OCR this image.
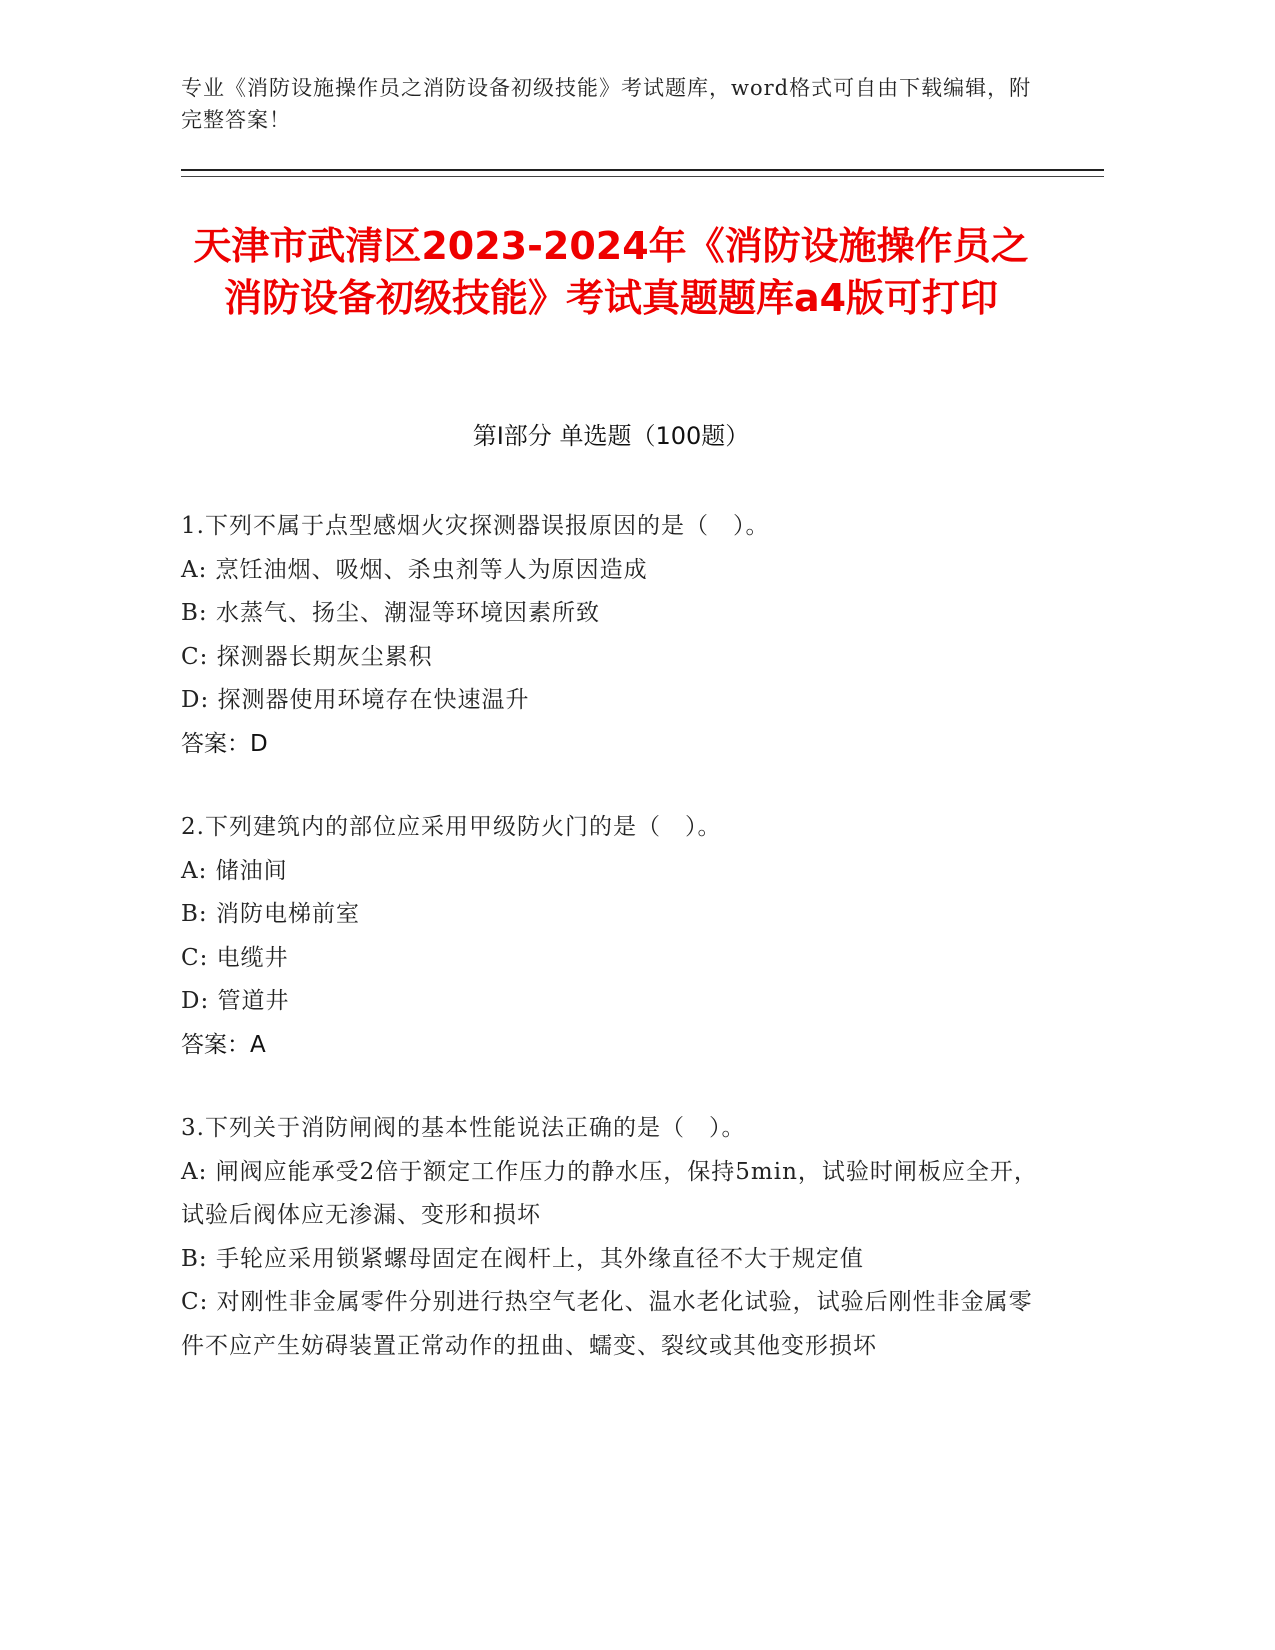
专业《消防设施操作员之消防设备初级技能》考试题库，word格式可自由下载编辑，附完整答案！
天津市武清区2023-2024年《消防设施操作员之消防设备初级技能》考试真题题库a4版可打印
第Ⅰ部分 单选题（100题）
1.下列不属于点型感烟火灾探测器误报原因的是（　）。
A: 烹饪油烟、吸烟、杀虫剂等人为原因造成
B: 水蒸气、扬尘、潮湿等环境因素所致
C: 探测器长期灰尘累积
D: 探测器使用环境存在快速温升
答案：D
2.下列建筑内的部位应采用甲级防火门的是（　）。
A: 储油间
B: 消防电梯前室
C: 电缆井
D: 管道井
答案：A
3.下列关于消防闸阀的基本性能说法正确的是（　）。
A: 闸阀应能承受2倍于额定工作压力的静水压，保持5min，试验时闸板应全开，试验后阀体应无渗漏、变形和损坏
B: 手轮应采用锁紧螺母固定在阀杆上，其外缘直径不大于规定值
C: 对刚性非金属零件分别进行热空气老化、温水老化试验，试验后刚性非金属零件不应产生妨碍装置正常动作的扭曲、蠕变、裂纹或其他变形损坏
